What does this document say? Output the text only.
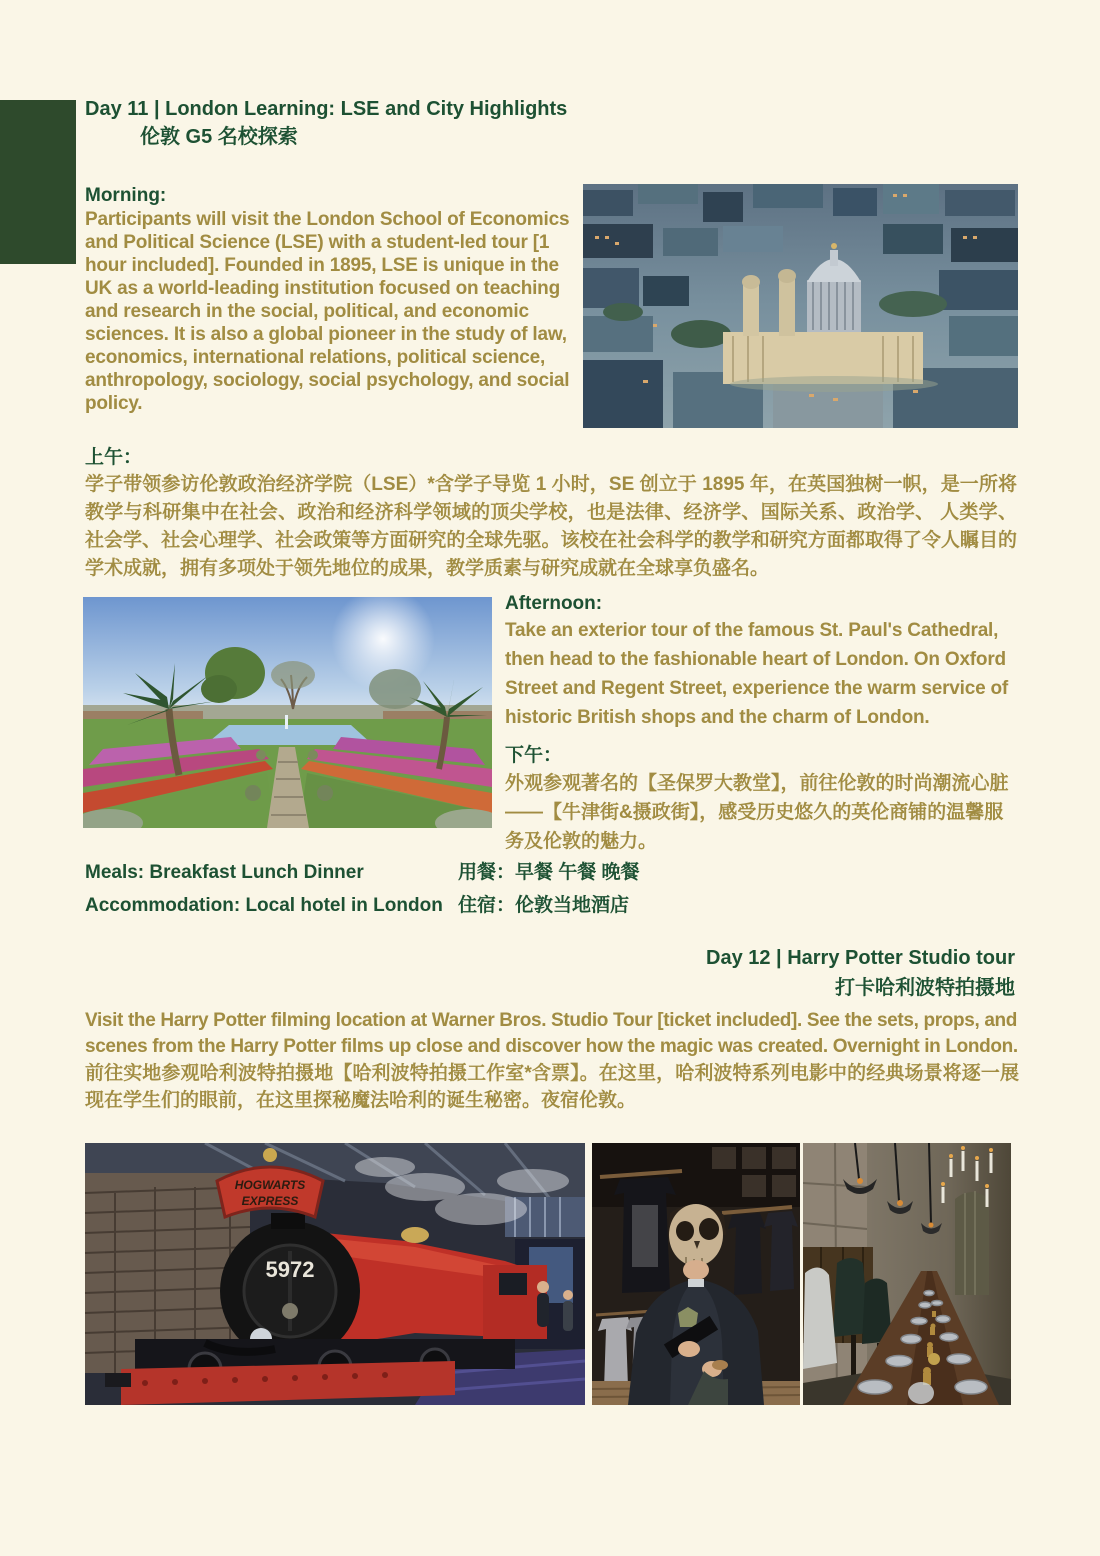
Day 11 | London Learning: LSE and City Highlights
伦敦 G5 名校探索

Morning:

Participants will visit the London School of Economics and Political Science (LSE) with a student-led tour [1 hour included]. Founded in 1895, LSE is unique in the UK as a world-leading institution focused on teaching and research in the social, political, and economic sciences. It is also a global pioneer in the study of law, economics, international relations, political science, anthropology, sociology, social psychology, and social policy.

上午：

学子带领参访伦敦政治经济学院（LSE）*含学子导览 1 小时，SE 创立于 1895 年，在英国独树一帜，是一所将教学与科研集中在社会、政治和经济科学领域的顶尖学校，也是法律、经济学、国际关系、政治学、 人类学、社会学、社会心理学、社会政策等方面研究的全球先驱。该校在社会科学的教学和研究方面都取得了令人瞩目的学术成就，拥有多项处于领先地位的成果，教学质素与研究成就在全球享负盛名。

Afternoon:

Take an exterior tour of the famous St. Paul's Cathedral, then head to the fashionable heart of London. On Oxford Street and Regent Street, experience the warm service of historic British shops and the charm of London.

下午：

外观参观著名的【圣保罗大教堂】，前往伦敦的时尚潮流心脏——【牛津街&摄政街】，感受历史悠久的英伦商铺的温馨服务及伦敦的魅力。

Meals: Breakfast Lunch Dinner
Accommodation: Local hotel in London
用餐：早餐 午餐 晚餐
住宿：伦敦当地酒店
Day 12 | Harry Potter Studio tour
打卡哈利波特拍摄地

Visit the Harry Potter filming location at Warner Bros. Studio Tour [ticket included]. See the sets, props, and scenes from the Harry Potter films up close and discover how the magic was created. Overnight in London.

前往实地参观哈利波特拍摄地【哈利波特拍摄工作室*含票】。在这里，哈利波特系列电影中的经典场景将逐一展现在学生们的眼前，在这里探秘魔法哈利的诞生秘密。夜宿伦敦。

5972
HOGWARTS
EXPRESS
